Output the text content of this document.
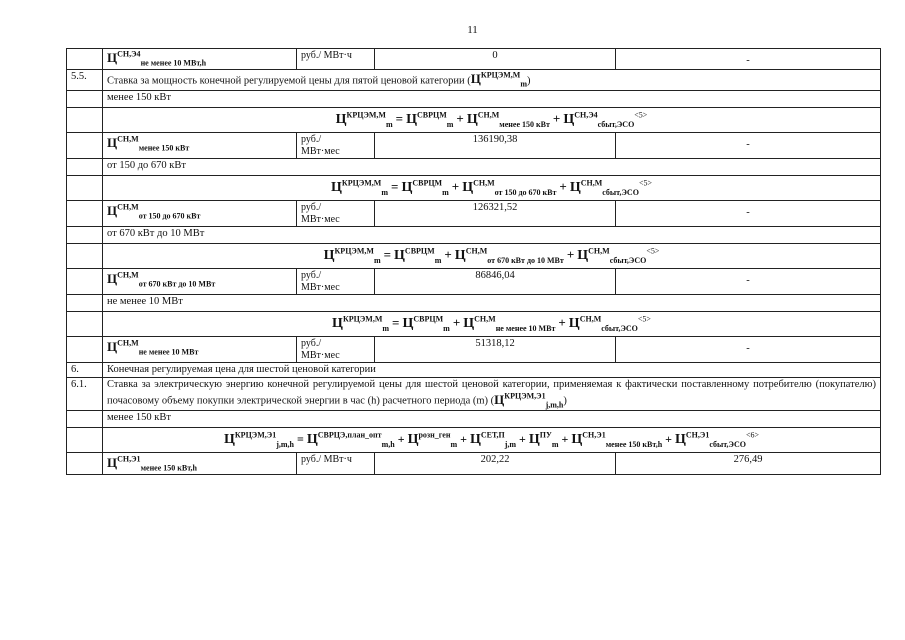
11
	$Ц^{СН,Э4}_{не менее 10 МВт,h}$	руб./ МВт·ч	0	-
5.5.	Ставка за мощность конечной регулируемой цены для пятой ценовой категории $(Ц^{КРЦЭМ,М}_m)$			
	менее 150 кВт			
	$Ц^{КРЦЭМ,М}_m = Ц^{СВРЦМ}_m + Ц^{СН,М}_{менее 150 кВт} + Ц^{СН,Э4}_{сбыт,ЭСО}^{<5>}$
	$Ц^{СН,М}_{менее 150 кВт}$	руб./
МВт·мес	136190,38	-
	от 150 до 670 кВт			
	$Ц^{КРЦЭМ,М}_m = Ц^{СВРЦМ}_m + Ц^{СН,М}_{от 150 до 670 кВт} + Ц^{СН,М}_{сбыт,ЭСО}^{<5>}$
	$Ц^{СН,М}_{от 150 до 670 кВт}$	руб./
МВт·мес	126321,52	-
	от 670 кВт до 10 МВт			
	$Ц^{КРЦЭМ,М}_m = Ц^{СВРЦМ}_m + Ц^{СН,М}_{от 670 кВт до 10 МВт} + Ц^{СН,М}_{сбыт,ЭСО}^{<5>}$
	$Ц^{СН,М}_{от 670 кВт до 10 МВт}$	руб./
МВт·мес	86846,04	-
	не менее 10 МВт			
	$Ц^{КРЦЭМ,М}_m = Ц^{СВРЦМ}_m + Ц^{СН,М}_{не менее 10 МВт} + Ц^{СН,М}_{сбыт,ЭСО}^{<5>}$
	$Ц^{СН,М}_{не менее 10 МВт}$	руб./
МВт·мес	51318,12	-
6.	Конечная регулируемая цена для шестой ценовой категории			
6.1.	Ставка за электрическую энергию конечной регулируемой цены для шестой ценовой категории, применяемая к фактически поставленному потребителю (покупателю) почасовому объему покупки электрической энергии в час (h) расчетного периода (m) $(Ц^{КРЦЭМ,Э1}_{j,m,h})$			
	менее 150 кВт			
	$Ц^{КРЦЭМ,Э1}_{j,m,h} = Ц^{СВРЦЭ,план\_опт}_{m,h} + Ц^{розн\_ген}_m + Ц^{СЕТ,П}_{j,m} + Ц^{ПУ}_m + Ц^{СН,Э1}_{менее 150 кВт,h} + Ц^{СН,Э1}_{сбыт,ЭСО}^{<6>}$
	$Ц^{СН,Э1}_{менее 150 кВт,h}$	руб./ МВт·ч	202,22	276,49
